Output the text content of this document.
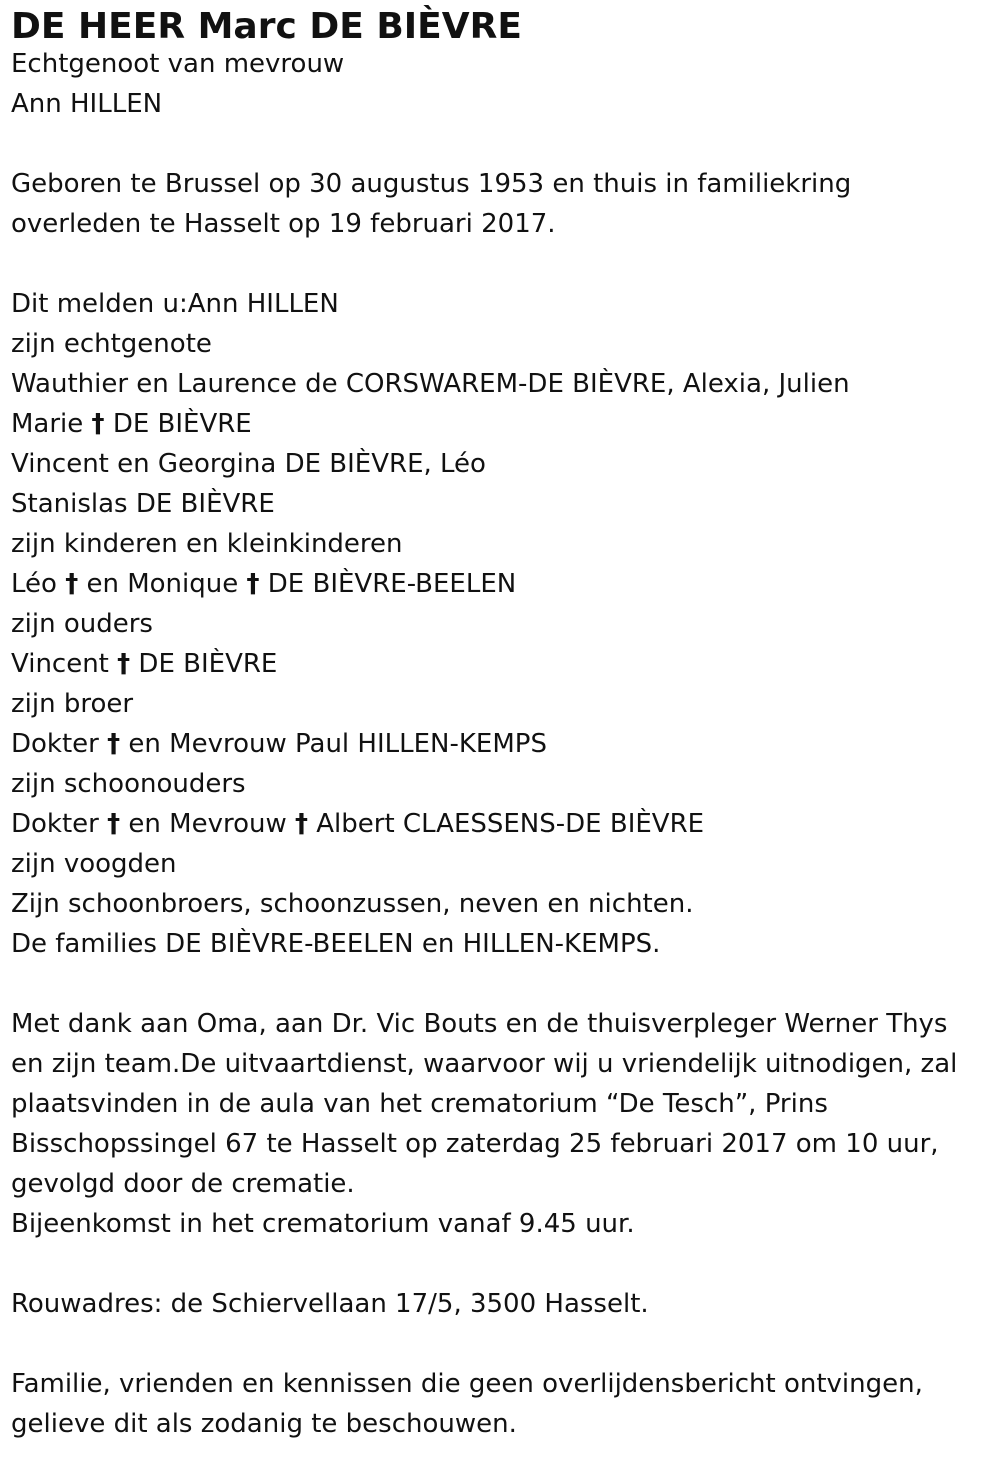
DE HEER Marc DE BIÈVRE
Echtgenoot van mevrouw
Ann HILLEN
Geboren te Brussel op 30 augustus 1953 en thuis in familiekring
overleden te Hasselt op 19 februari 2017.
Dit melden u:Ann HILLEN
zijn echtgenote
Wauthier en Laurence de CORSWAREM-DE BIÈVRE, Alexia, Julien
Marie † DE BIÈVRE
Vincent en Georgina DE BIÈVRE, Léo
Stanislas DE BIÈVRE
zijn kinderen en kleinkinderen
Léo † en Monique † DE BIÈVRE-BEELEN
zijn ouders
Vincent † DE BIÈVRE
zijn broer
Dokter † en Mevrouw Paul HILLEN-KEMPS
zijn schoonouders
Dokter † en Mevrouw † Albert CLAESSENS-DE BIÈVRE
zijn voogden
Zijn schoonbroers, schoonzussen, neven en nichten.
De families DE BIÈVRE-BEELEN en HILLEN-KEMPS.
Met dank aan Oma, aan Dr. Vic Bouts en de thuisverpleger Werner Thys
en zijn team.De uitvaartdienst, waarvoor wij u vriendelijk uitnodigen, zal
plaatsvinden in de aula van het crematorium “De Tesch”, Prins
Bisschopssingel 67 te Hasselt op zaterdag 25 februari 2017 om 10 uur,
gevolgd door de crematie.
Bijeenkomst in het crematorium vanaf 9.45 uur.
Rouwadres: de Schiervellaan 17/5, 3500 Hasselt.
Familie, vrienden en kennissen die geen overlijdensbericht ontvingen,
gelieve dit als zodanig te beschouwen.
